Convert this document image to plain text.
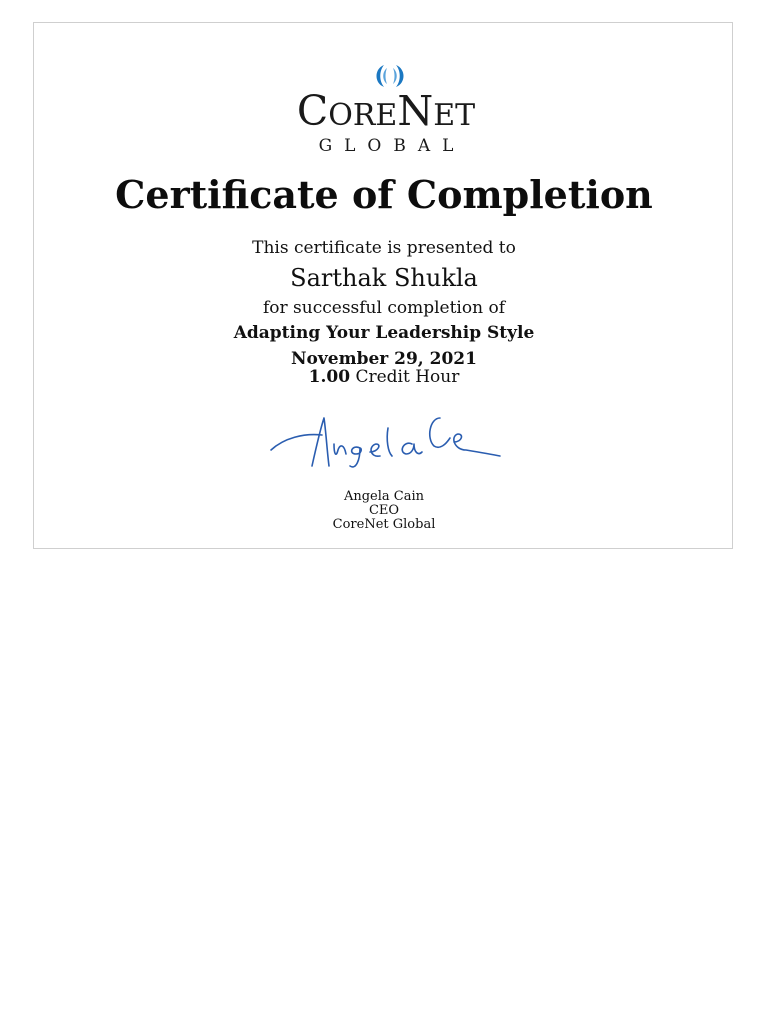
CORENET
GLOBAL
Certificate of Completion
This certificate is presented to
Sarthak Shukla
for successful completion of
Adapting Your Leadership Style
November 29, 2021
1.00 Credit Hour
Angela Cain
CEO
CoreNet Global
